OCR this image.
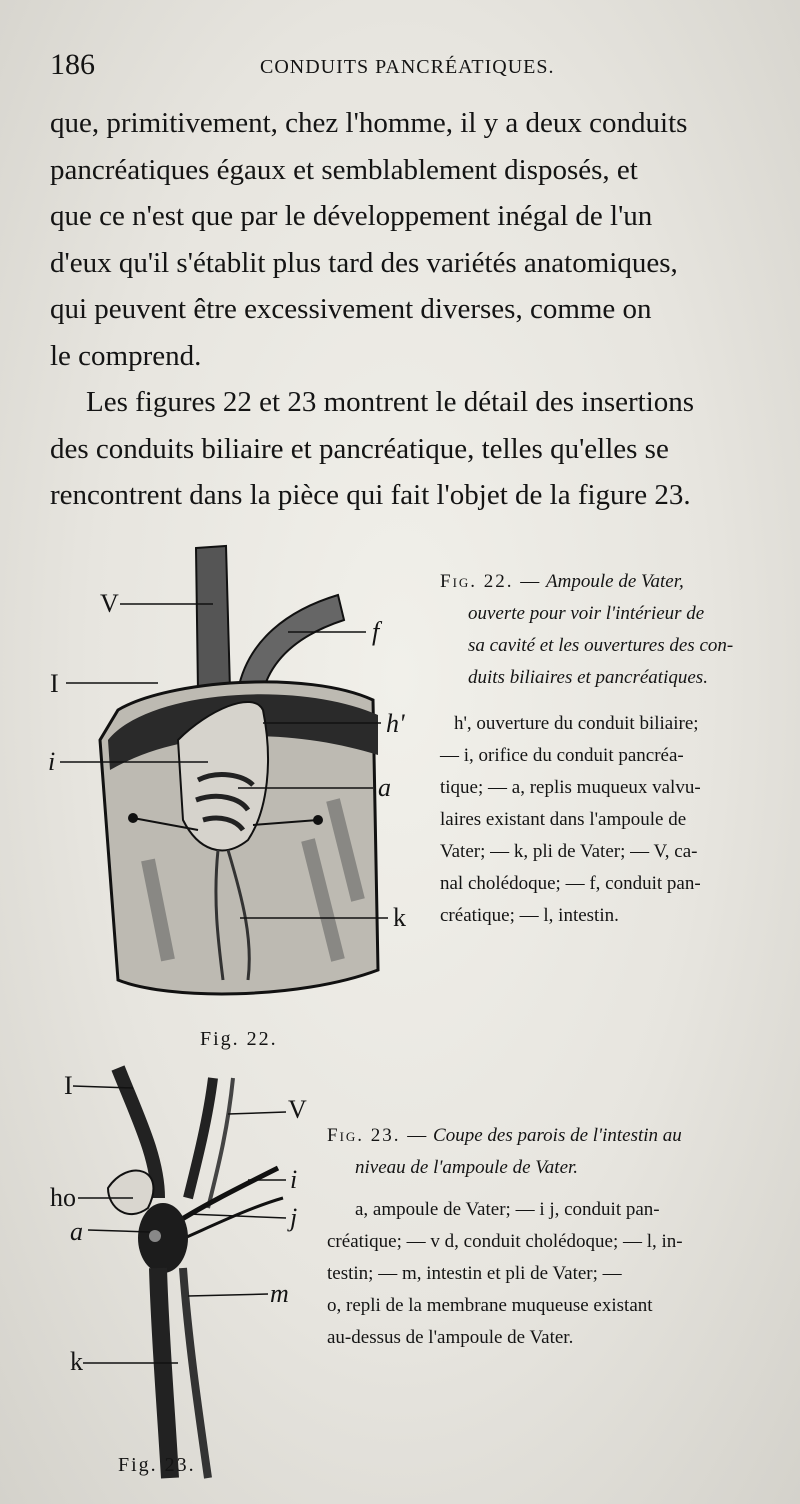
186	CONDUITS PANCRÉATIQUES.
que, primitivement, chez l'homme, il y a deux conduits
pancréatiques égaux et semblablement disposés, et
que ce n'est que par le développement inégal de l'un
d'eux qu'il s'établit plus tard des variétés anatomiques,
qui peuvent être excessivement diverses, comme on
le comprend.
Les figures 22 et 23 montrent le détail des insertions
des conduits biliaire et pancréatique, telles qu'elles se
rencontrent dans la pièce qui fait l'objet de la figure 23.
V
f
I
h'
i
a
k
Fig. 22.
Fig. 22. — Ampoule de Vater,
ouverte pour voir l'intérieur de
sa cavité et les ouvertures des con-
duits biliaires et pancréatiques.
h', ouverture du conduit biliaire;
— i, orifice du conduit pancréa-
tique; — a, replis muqueux valvu-
laires existant dans l'ampoule de
Vater; — k, pli de Vater; — V, ca-
nal cholédoque; — f, conduit pan-
créatique; — l, intestin.
I
V
ho
i
a	j
m
k
Fig. 23.
Fig. 23. — Coupe des parois de l'intestin au
niveau de l'ampoule de Vater.
a, ampoule de Vater; — i j, conduit pan-
créatique; — v d, conduit cholédoque; — l, in-
testin; — m, intestin et pli de Vater; —
o, repli de la membrane muqueuse existant
au-dessus de l'ampoule de Vater.
